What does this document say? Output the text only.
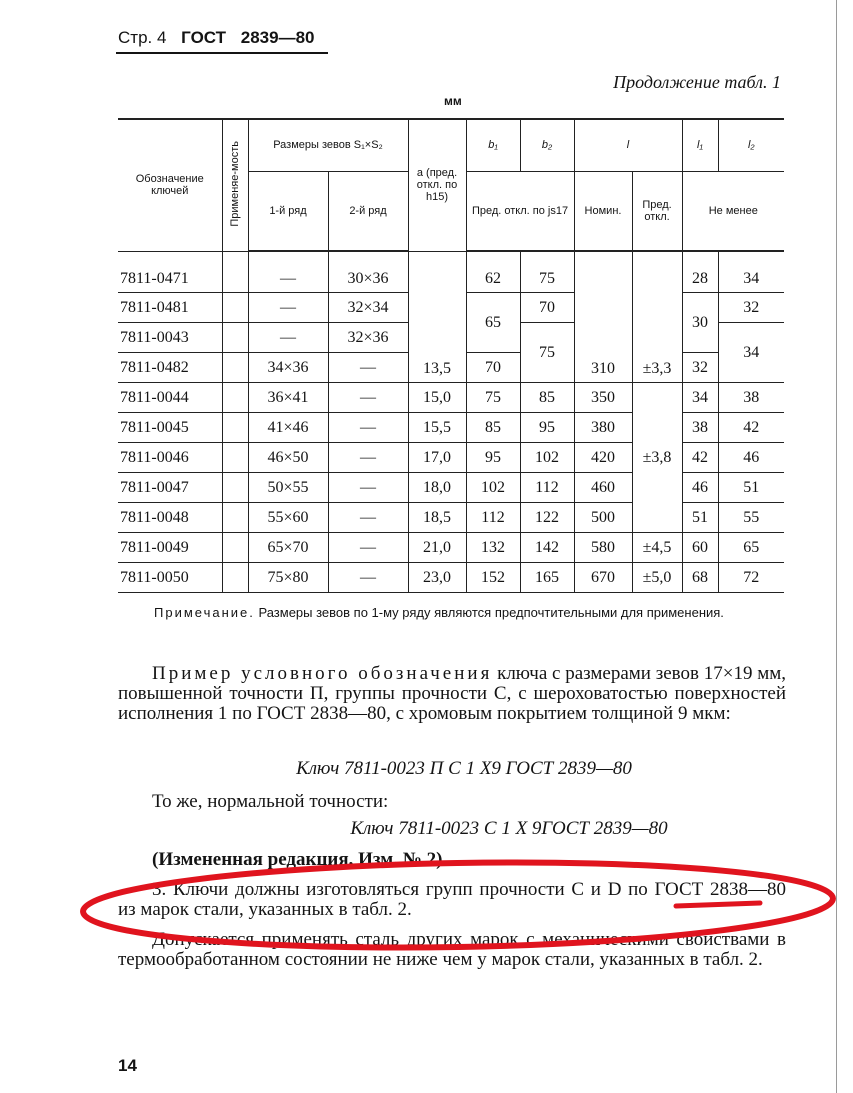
Стр. 4 ГОСТ 2839—80
Продолжение табл. 1
мм
Обозначение ключей	Применяе-мость	Размеры зевов S₁×S₂		a (пред. откл. по h15)	b₁	b₂	l		l₁	l₂
		1-й ряд	2-й ряд		Пред. откл. по js17		Номин.	Пред. откл.	Не менее	
7811-0471		—	30×36	13,5	62	75	310	±3,3	28	34
7811-0481		—	32×34		65	70			30	32
7811-0043		—	32×36			75				34
7811-0482		34×36	—		70				32	
7811-0044		36×41	—	15,0	75	85	350	±3,8	34	38
7811-0045		41×46	—	15,5	85	95	380		38	42
7811-0046		46×50	—	17,0	95	102	420		42	46
7811-0047		50×55	—	18,0	102	112	460		46	51
7811-0048		55×60	—	18,5	112	122	500		51	55
7811-0049		65×70	—	21,0	132	142	580	±4,5	60	65
7811-0050		75×80	—	23,0	152	165	670	±5,0	68	72
Примечание. Размеры зевов по 1-му ряду являются предпочтительными для применения.
Пример условного обозначения ключа с размерами зевов 17×19 мм, повышенной точности П, группы прочности С, с шероховатостью поверхностей исполнения 1 по ГОСТ 2838—80, с хромовым покрытием толщиной 9 мкм:
Ключ 7811-0023 П С 1 Х9 ГОСТ 2839—80
То же, нормальной точности:
Ключ 7811-0023 С 1 Х 9ГОСТ 2839—80
(Измененная редакция, Изм. № 2).
3. Ключи должны изготовляться групп прочности С и D по ГОСТ 2838—80 из марок стали, указанных в табл. 2.
Допускается применять сталь других марок с механическими свойствами в термообработанном состоянии не ниже чем у марок стали, указанных в табл. 2.
14
